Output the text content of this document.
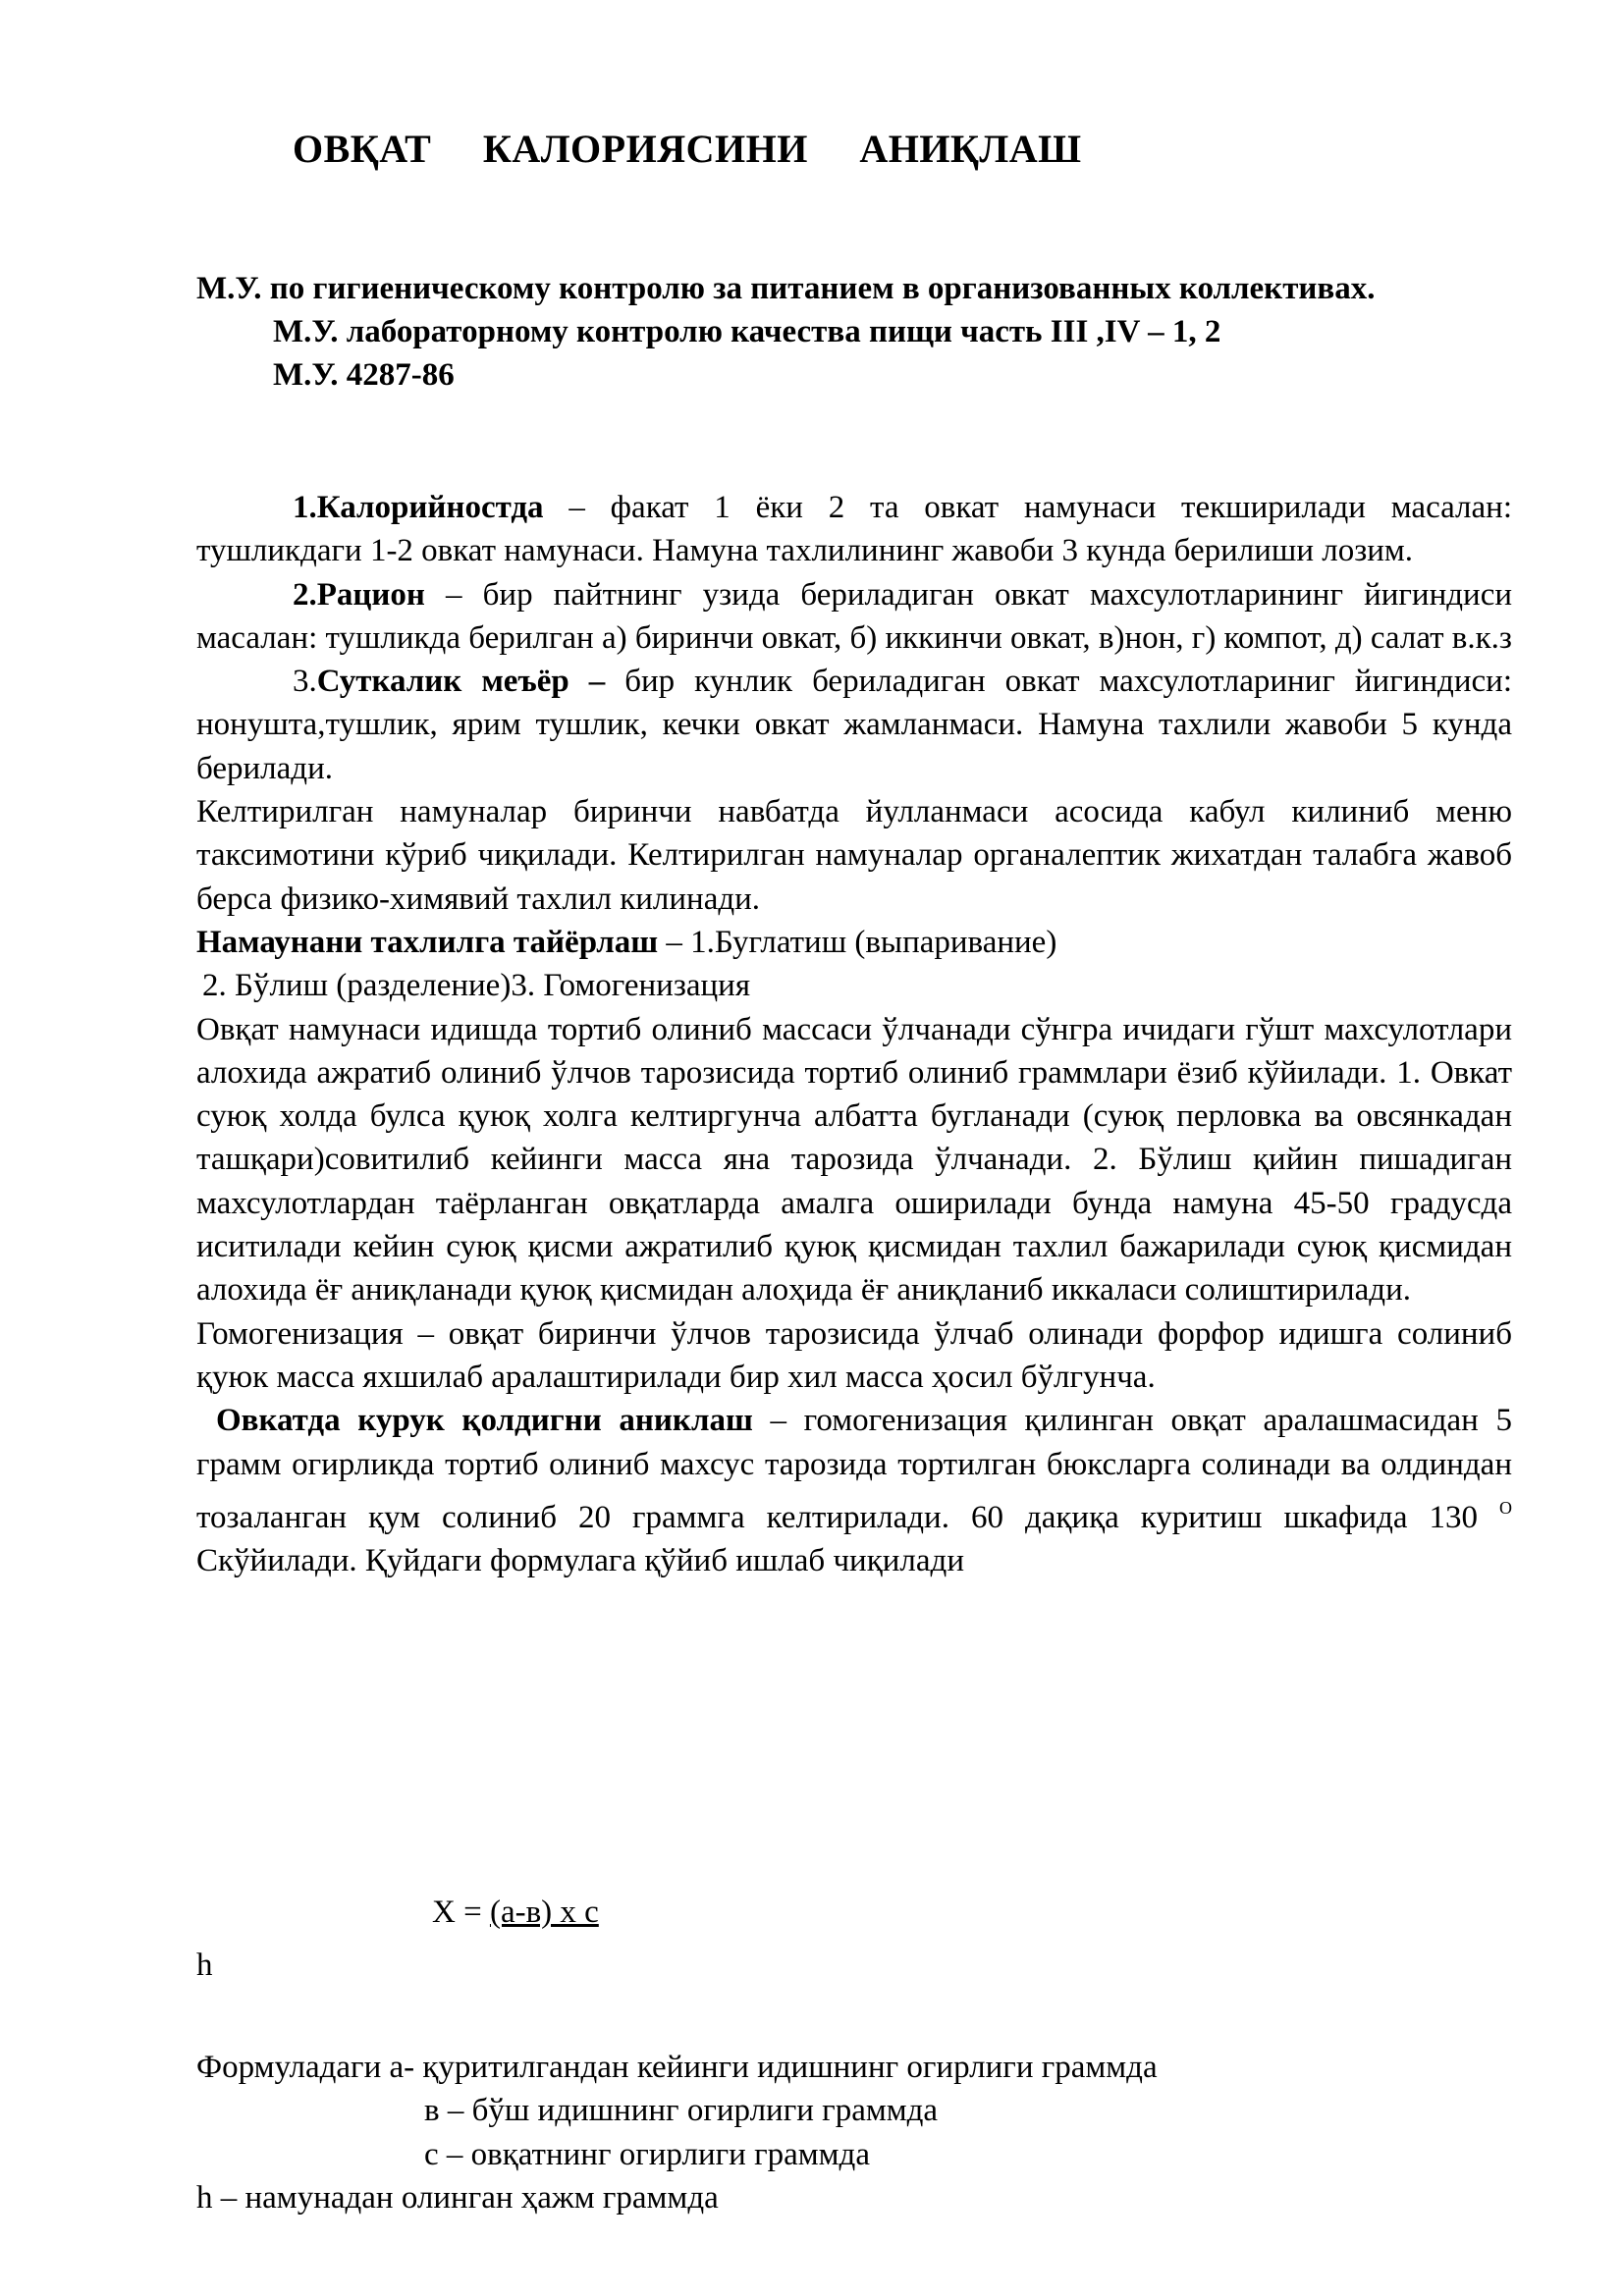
ОВҚАТ     КАЛОРИЯСИНИ     АНИҚЛАШ

М.У. по гигиеническому контролю за питанием в организованных коллективах.

М.У. лабораторному контролю качества пищи часть III ,IV – 1, 2

М.У. 4287-86

1.Калорийностда – факат 1 ёки 2 та овкат намунаси текширилади масалан: тушликдаги 1-2 овкат намунаси. Намуна тахлилининг жавоби 3 кунда берилиши лозим.

2.Рацион – бир пайтнинг узида бериладиган овкат махсулотларининг йигиндиси масалан: тушликда берилган а) биринчи овкат, б) иккинчи овкат, в)нон, г) компот, д) салат в.к.з

3.Суткалик меъёр – бир кунлик бериладиган овкат махсулотлариниг йигиндиси: нонушта,тушлик, ярим тушлик, кечки овкат жамланмаси. Намуна тахлили жавоби 5 кунда берилади.

Келтирилган намуналар биринчи навбатда йулланмаси асосида кабул килиниб меню таксимотини кўриб чиқилади. Келтирилган намуналар органалептик жихатдан талабга жавоб берса физико-химявий тахлил килинади.

Намаунани тахлилга тайёрлаш – 1.Буглатиш (выпаривание)

2. Бўлиш (разделение)3. Гомогенизация

Овқат намунаси идишда тортиб олиниб массаси ўлчанади сўнгра ичидаги гўшт махсулотлари алохида ажратиб олиниб ўлчов тарозисида тортиб олиниб граммлари ёзиб кўйилади. 1. Овкат суюқ холда булса қуюқ холга келтиргунча албатта бугланади (суюқ перловка ва овсянкадан ташқари)совитилиб кейинги масса яна тарозида ўлчанади. 2. Бўлиш қийин пишадиган махсулотлардан таёрланган овқатларда амалга оширилади бунда намуна 45-50 градусда иситилади кейин суюқ қисми ажратилиб қуюқ қисмидан тахлил бажарилади суюқ қисмидан алохида ёғ аниқланади қуюқ қисмидан алоҳида ёғ аниқланиб иккаласи солиштирилади.

Гомогенизация – овқат биринчи ўлчов тарозисида ўлчаб олинади форфор идишга солиниб қуюк масса яхшилаб аралаштирилади бир хил масса ҳосил бўлгунча.

Овкатда курук қолдигни аниклаш – гомогенизация қилинган овқат аралашмасидан 5 грамм огирликда тортиб олиниб махсус тарозида тортилган бюксларга солинади ва олдиндан тозаланган қум солиниб 20 граммга келтирилади. 60 дақиқа куритиш шкафида 130 $^О$ Скўйилади. Қуйдаги формулага қўйиб ишлаб чиқилади

Х = (а-в) х с
h

Формуладаги а- қуритилгандан кейинги идишнинг огирлиги граммда

в – бўш идишнинг огирлиги граммда

с – овқатнинг огирлиги граммда

h – намунадан олинган ҳажм граммда
